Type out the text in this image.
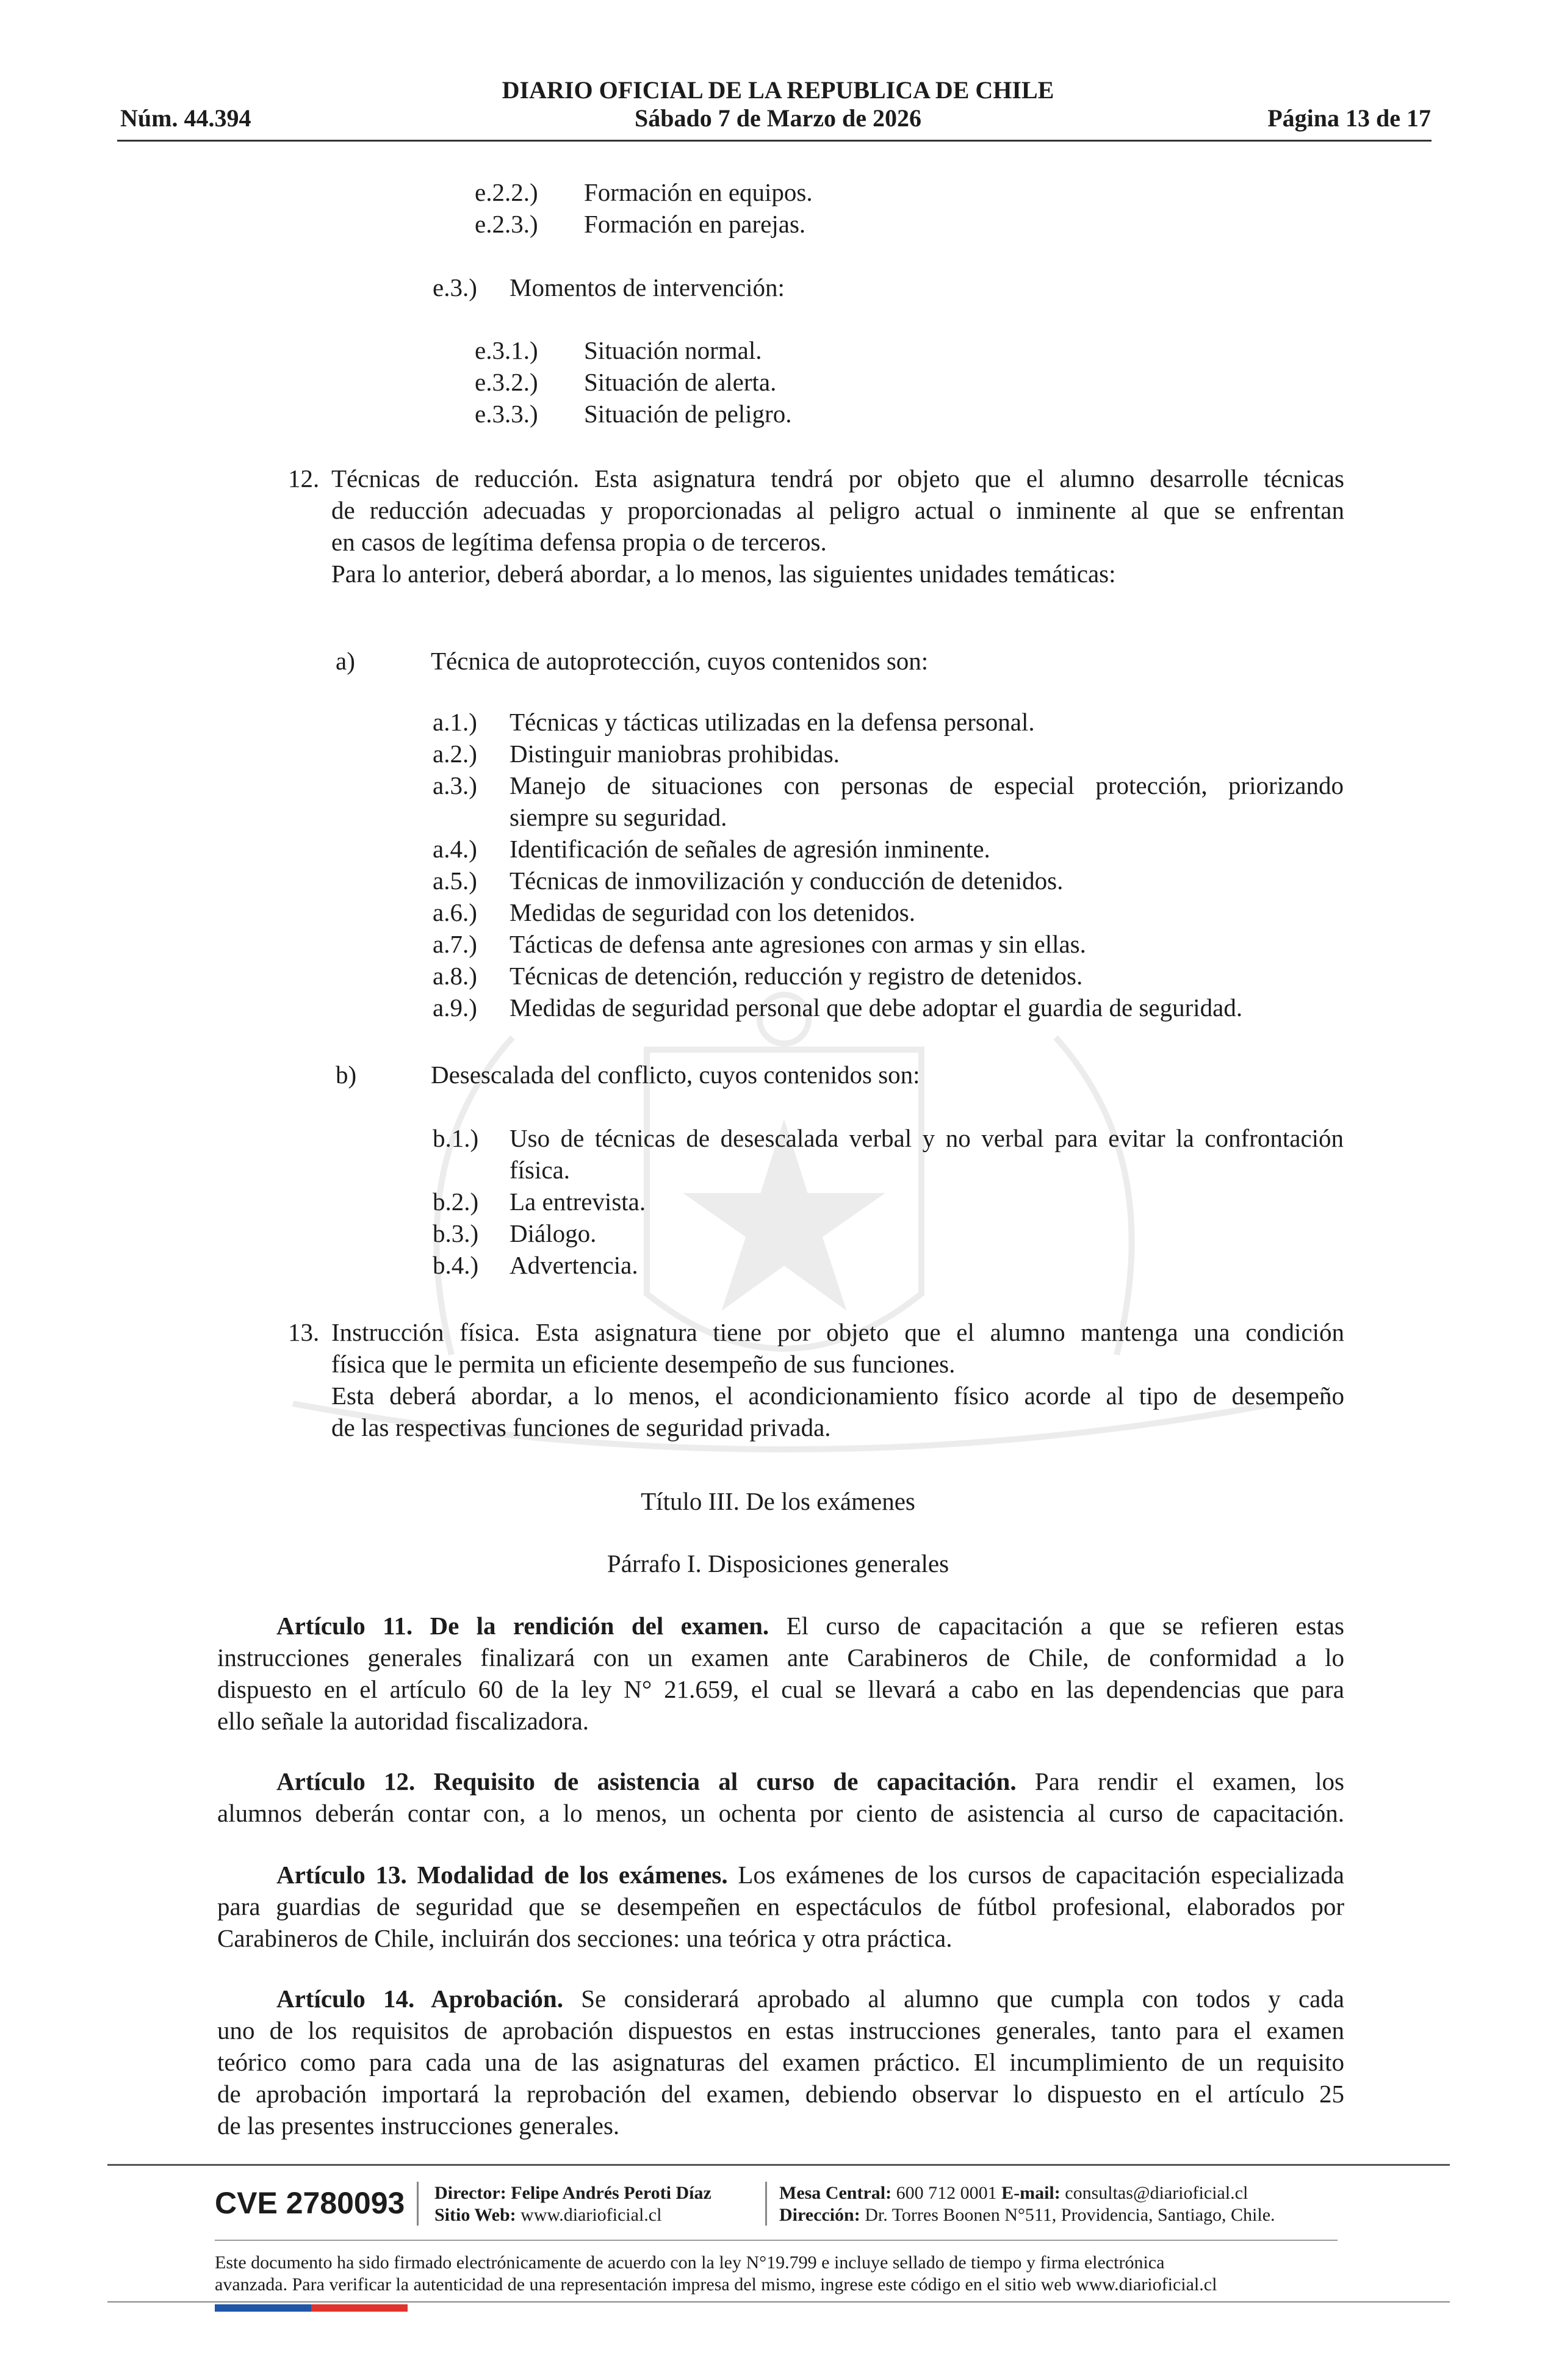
DIARIO OFICIAL DE LA REPUBLICA DE CHILE
Núm. 44.394	Sábado 7 de Marzo de 2026	Página 13 de 17
e.2.2.) Formación en equipos.
e.2.3.) Formación en parejas.
e.3.) Momentos de intervención:
e.3.1.) Situación normal.
e.3.2.) Situación de alerta.
e.3.3.) Situación de peligro.
12. Técnicas de reducción. Esta asignatura tendrá por objeto que el alumno desarrolle técnicas
de reducción adecuadas y proporcionadas al peligro actual o inminente al que se enfrentan
en casos de legítima defensa propia o de terceros.
Para lo anterior, deberá abordar, a lo menos, las siguientes unidades temáticas:
a)	Técnica de autoprotección, cuyos contenidos son:
a.1.) Técnicas y tácticas utilizadas en la defensa personal.
a.2.) Distinguir maniobras prohibidas.
a.3.) Manejo de situaciones con personas de especial protección, priorizando
siempre su seguridad.
a.4.) Identificación de señales de agresión inminente.
a.5.) Técnicas de inmovilización y conducción de detenidos.
a.6.) Medidas de seguridad con los detenidos.
a.7.) Tácticas de defensa ante agresiones con armas y sin ellas.
a.8.) Técnicas de detención, reducción y registro de detenidos.
a.9.) Medidas de seguridad personal que debe adoptar el guardia de seguridad.
b)	Desescalada del conflicto, cuyos contenidos son:
b.1.) Uso de técnicas de desescalada verbal y no verbal para evitar la confrontación
física.
b.2.) La entrevista.
b.3.) Diálogo.
b.4.) Advertencia.
13. Instrucción física. Esta asignatura tiene por objeto que el alumno mantenga una condición
física que le permita un eficiente desempeño de sus funciones.
Esta deberá abordar, a lo menos, el acondicionamiento físico acorde al tipo de desempeño
de las respectivas funciones de seguridad privada.
Título III. De los exámenes
Párrafo I. Disposiciones generales
Artículo 11. De la rendición del examen. El curso de capacitación a que se refieren estas
instrucciones generales finalizará con un examen ante Carabineros de Chile, de conformidad a lo
dispuesto en el artículo 60 de la ley N° 21.659, el cual se llevará a cabo en las dependencias que para
ello señale la autoridad fiscalizadora.
Artículo 12. Requisito de asistencia al curso de capacitación. Para rendir el examen, los
alumnos deberán contar con, a lo menos, un ochenta por ciento de asistencia al curso de capacitación.
Artículo 13. Modalidad de los exámenes. Los exámenes de los cursos de capacitación especializada
para guardias de seguridad que se desempeñen en espectáculos de fútbol profesional, elaborados por
Carabineros de Chile, incluirán dos secciones: una teórica y otra práctica.
Artículo 14. Aprobación. Se considerará aprobado al alumno que cumpla con todos y cada
uno de los requisitos de aprobación dispuestos en estas instrucciones generales, tanto para el examen
teórico como para cada una de las asignaturas del examen práctico. El incumplimiento de un requisito
de aprobación importará la reprobación del examen, debiendo observar lo dispuesto en el artículo 25
de las presentes instrucciones generales.
CVE 2780093 Director: Felipe Andrés Peroti Díaz
Sitio Web: www.diarioficial.cl
Mesa Central: 600 712 0001 E-mail: consultas@diarioficial.cl
Dirección: Dr. Torres Boonen N°511, Providencia, Santiago, Chile.
Este documento ha sido firmado electrónicamente de acuerdo con la ley N°19.799 e incluye sellado de tiempo y firma electrónica
avanzada. Para verificar la autenticidad de una representación impresa del mismo, ingrese este código en el sitio web www.diarioficial.cl
